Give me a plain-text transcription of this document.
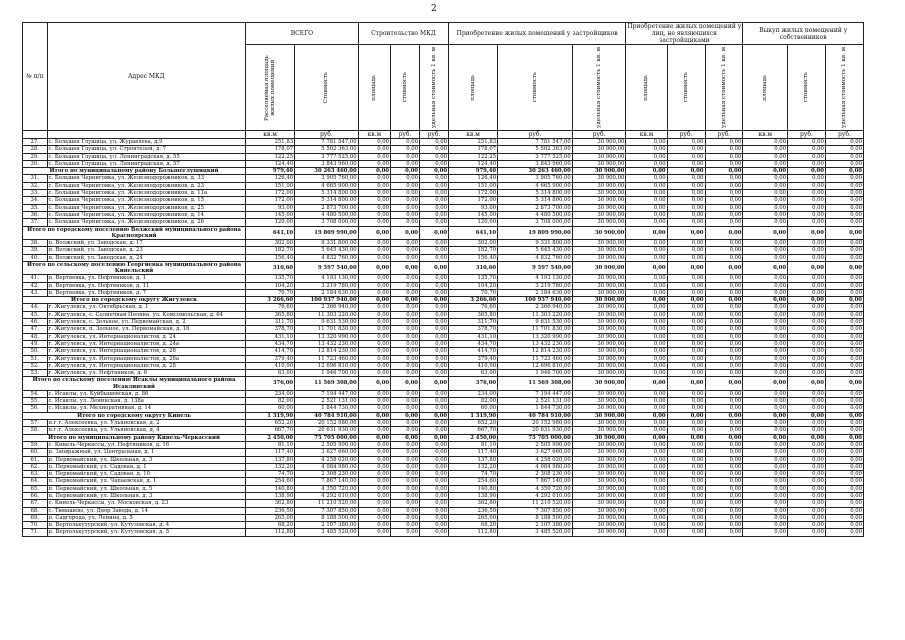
2
№ п/п	Адрес МКД	ВСЕГО		Строительство МКД			Приобретение жилых помещений у застройщиков			Приобретение жилых помещений у лиц, не являющихся застройщиками			Выкуп жилых помещений у собственников		

		Расселяемая площадь жилых помещений	Стоимость	площадь	стоимость	удельная стоимость 1 кв. м	площадь	стоимость	удельная стоимость 1 кв. м	площадь	стоимость	удельная стоимость 1 кв. м	площадь	стоимость	удельная стоимость 1 кв. м

		кв.м	руб.	кв.м	руб.	руб.	кв.м	руб.	руб.	кв.м	руб.	руб.	кв.м	руб.	руб.
27.	с. Большая Глушица, ул. Журавлева, д.9	251,83	7 781 547,00	0,00	0,00	0,00	251,83	7 781 547,00	30 900,00	0,00	0,00	0,00	0,00	0,00	0,00
28.	с. Большая Глушица, ул. Строителей, д. 7	178,07	5 502 363,00	0,00	0,00	0,00	178,07	5 502 363,00	30 900,00	0,00	0,00	0,00	0,00	0,00	0,00
29.	с. Большая Глушица, ул. Ленинградская, д. 55	122,25	3 777 525,00	0,00	0,00	0,00	122,25	3 777 525,00	30 900,00	0,00	0,00	0,00	0,00	0,00	0,00
30.	с. Большая Глушица, ул. Ленинградская, д. 57	124,40	3 843 960,00	0,00	0,00	0,00	124,40	3 843 960,00	30 900,00	0,00	0,00	0,00	0,00	0,00	0,00
Итого по муниципальному району Большеглушицкий		979,40	30 263 460,00	0,00	0,00	0,00	979,40	30 263 460,00	30 900,00	0,00	0,00	0,00	0,00	0,00	0,00
31.	с. Большая Черниговка, ул. Железнодорожников, д. 33	126,40	3 905 760,00	0,00	0,00	0,00	126,40	3 905 760,00	30 900,00	0,00	0,00	0,00	0,00	0,00	0,00
32.	с. Большая Черниговка, ул. Железнодорожников, д. 23	151,00	4 665 900,00	0,00	0,00	0,00	151,00	4 665 900,00	30 900,00	0,00	0,00	0,00	0,00	0,00	0,00
33.	с. Большая Черниговка, ул. Железнодорожников, д. 11а	172,00	5 314 800,00	0,00	0,00	0,00	172,00	5 314 800,00	30 900,00	0,00	0,00	0,00	0,00	0,00	0,00
34.	с. Большая Черниговка, ул. Железнодорожников, д. 15	172,00	5 314 800,00	0,00	0,00	0,00	172,00	5 314 800,00	30 900,00	0,00	0,00	0,00	0,00	0,00	0,00
35.	с. Большая Черниговка, ул. Железнодорожников, д. 25	93,00	2 873 700,00	0,00	0,00	0,00	93,00	2 873 700,00	30 900,00	0,00	0,00	0,00	0,00	0,00	0,00
36.	с. Большая Черниговка, ул. Железнодорожников, д. 14	145,00	4 480 500,00	0,00	0,00	0,00	145,00	4 480 500,00	30 900,00	0,00	0,00	0,00	0,00	0,00	0,00
37.	с. Большая Черниговка, ул. Железнодорожников, д. 26	120,00	3 708 000,00	0,00	0,00	0,00	120,00	3 708 000,00	30 900,00	0,00	0,00	0,00	0,00	0,00	0,00
Итого по городскому поселению Волжский муниципального района Красноярский		641,10	19 809 990,00	0,00	0,00	0,00	641,10	19 809 990,00	30 900,00	0,00	0,00	0,00	0,00	0,00	0,00
38.	п. Волжский, ул. Заводская, д. 17	302,00	9 331 800,00	0,00	0,00	0,00	302,00	9 331 800,00	30 900,00	0,00	0,00	0,00	0,00	0,00	0,00
39.	п. Волжский, ул. Заводская, д. 23	182,70	5 645 430,00	0,00	0,00	0,00	182,70	5 645 430,00	30 900,00	0,00	0,00	0,00	0,00	0,00	0,00
40.	п. Волжский, ул. Заводская, д. 24	156,40	4 832 760,00	0,00	0,00	0,00	156,40	4 832 760,00	30 900,00	0,00	0,00	0,00	0,00	0,00	0,00
Итого по сельскому поселению Георгиевка муниципального района Кинельский		310,60	9 597 540,00	0,00	0,00	0,00	310,60	9 597 540,00	30 900,00	0,00	0,00	0,00	0,00	0,00	0,00
41.	п. Вертяевка, ул. Нефтяников, д. 1	135,70	4 193 130,00	0,00	0,00	0,00	135,70	4 193 130,00	30 900,00	0,00	0,00	0,00	0,00	0,00	0,00
42.	п. Вертяевка, ул. Нефтяников, д. 11	104,20	3 219 780,00	0,00	0,00	0,00	104,20	3 219 780,00	30 900,00	0,00	0,00	0,00	0,00	0,00	0,00
43.	п. Вертяевка, ул. Нефтяников, д. 7	70,70	2 184 630,00	0,00	0,00	0,00	70,70	2 184 630,00	30 900,00	0,00	0,00	0,00	0,00	0,00	0,00
Итого по городскому округу Жигулевск		3 266,60	100 937 940,00	0,00	0,00	0,00	3 266,60	100 937 940,00	30 900,00	0,00	0,00	0,00	0,00	0,00	0,00
44.	г. Жигулевск, ул. Октябрьская, д. 1	76,60	2 366 940,00	0,00	0,00	0,00	76,60	2 366 940,00	30 900,00	0,00	0,00	0,00	0,00	0,00	0,00
45.	г. Жигулевск, с. Солнечная Поляна, ул. Комсомольская, д. 64	365,80	11 303 220,00	0,00	0,00	0,00	365,80	11 303 220,00	30 900,00	0,00	0,00	0,00	0,00	0,00	0,00
46.	г. Жигулевск, с. Зольное, ул. Первомайская, д. 2	311,70	9 631 530,00	0,00	0,00	0,00	311,70	9 631 530,00	30 900,00	0,00	0,00	0,00	0,00	0,00	0,00
47.	г. Жигулевск, п. Зольное, ул. Первомайская, д. 16	378,70	11 701 830,00	0,00	0,00	0,00	378,70	11 701 830,00	30 900,00	0,00	0,00	0,00	0,00	0,00	0,00
48.	г. Жигулевск, ул. Интернационалистов, д. 24	431,10	13 320 990,00	0,00	0,00	0,00	431,10	13 320 990,00	30 900,00	0,00	0,00	0,00	0,00	0,00	0,00
49.	г. Жигулевск, ул. Интернационалистов, д. 24а	434,70	13 432 230,00	0,00	0,00	0,00	434,70	13 432 230,00	30 900,00	0,00	0,00	0,00	0,00	0,00	0,00
50.	г. Жигулевск, ул. Интернационалистов, д. 26	414,70	12 814 230,00	0,00	0,00	0,00	414,70	12 814 230,00	30 900,00	0,00	0,00	0,00	0,00	0,00	0,00
51.	г. Жигулевск, ул. Интернационалистов, д. 26а	379,40	11 723 460,00	0,00	0,00	0,00	379,40	11 723 460,00	30 900,00	0,00	0,00	0,00	0,00	0,00	0,00
52.	г. Жигулевск, ул. Интернационалистов, д. 28	410,90	12 696 810,00	0,00	0,00	0,00	410,90	12 696 810,00	30 900,00	0,00	0,00	0,00	0,00	0,00	0,00
53.	г. Жигулевск, ул. Нефтяников, д. 6	63,00	1 946 700,00	0,00	0,00	0,00	63,00	1 946 700,00	30 900,00	0,00	0,00	0,00	0,00	0,00	0,00
Итого по сельскому поселению Исаклы муниципального района Исаклинский		376,00	11 569 308,00	0,00	0,00	0,00	376,00	11 569 308,00	30 900,00	0,00	0,00	0,00	0,00	0,00	0,00
54.	с. Исаклы, ул. Куйбышевская, д. 86	234,00	7 194 447,00	0,00	0,00	0,00	234,00	7 194 447,00	30 900,00	0,00	0,00	0,00	0,00	0,00	0,00
55.	с. Исаклы, ул. Ленинская, д. 138а	82,00	2 521 131,00	0,00	0,00	0,00	82,00	2 521 131,00	30 900,00	0,00	0,00	0,00	0,00	0,00	0,00
56.	с. Исаклы, ул. Мелиоративная, д. 14	60,00	1 844 730,00	0,00	0,00	0,00	60,00	1 844 730,00	30 900,00	0,00	0,00	0,00	0,00	0,00	0,00
Итого по городскому округу Кинель		1 319,90	40 784 910,00	0,00	0,00	0,00	1 319,90	40 784 910,00	30 900,00	0,00	0,00	0,00	0,00	0,00	0,00
57.	п.г.т. Алексеевка, ул. Ульяновская, д. 2	652,20	20 152 980,00	0,00	0,00	0,00	652,20	20 152 980,00	30 900,00	0,00	0,00	0,00	0,00	0,00	0,00
58.	п.г.т. Алексеевка, ул. Ульяновская, д. 4	667,70	20 631 930,00	0,00	0,00	0,00	667,70	20 631 930,00	30 900,00	0,00	0,00	0,00	0,00	0,00	0,00
Итого по муниципальному району Кинель-Черкасский		2 450,00	75 705 000,00	0,00	0,00	0,00	2 450,00	75 705 000,00	30 900,00	0,00	0,00	0,00	0,00	0,00	0,00
59.	с. Кинель-Черкассы, ул. Нефтяников, д. 16	81,10	2 505 990,00	0,00	0,00	0,00	81,10	2 505 990,00	30 900,00	0,00	0,00	0,00	0,00	0,00	0,00
60.	п. Заовражный, ул. Центральная, д. 1	117,40	3 627 660,00	0,00	0,00	0,00	117,40	3 627 660,00	30 900,00	0,00	0,00	0,00	0,00	0,00	0,00
61.	п. Первомайский, ул. Школьная, д. 3	137,80	4 258 020,00	0,00	0,00	0,00	137,80	4 258 020,00	30 900,00	0,00	0,00	0,00	0,00	0,00	0,00
62.	п. Первомайский, ул. Садовая, д. 1	132,20	4 084 980,00	0,00	0,00	0,00	132,20	4 084 980,00	30 900,00	0,00	0,00	0,00	0,00	0,00	0,00
63.	п. Первомайский, ул. Садовая, д. 10	74,70	2 308 230,00	0,00	0,00	0,00	74,70	2 308 230,00	30 900,00	0,00	0,00	0,00	0,00	0,00	0,00
64.	п. Первомайский, ул. Чапаевская, д. 1	254,60	7 867 140,00	0,00	0,00	0,00	254,60	7 867 140,00	30 900,00	0,00	0,00	0,00	0,00	0,00	0,00
65.	п. Первомайский, ул. Школьная, д. 5	140,80	4 350 720,00	0,00	0,00	0,00	140,80	4 350 720,00	30 900,00	0,00	0,00	0,00	0,00	0,00	0,00
66.	п. Первомайский, ул. Школьная, д. 3	138,90	4 292 010,00	0,00	0,00	0,00	138,90	4 292 010,00	30 900,00	0,00	0,00	0,00	0,00	0,00	0,00
67.	с. Кинель-Черкассы, ул. Московская, д. 23	362,80	11 210 520,00	0,00	0,00	0,00	362,80	11 210 520,00	30 900,00	0,00	0,00	0,00	0,00	0,00	0,00
68.	с. Тимашево, ул. Двор Завода, д. 14	236,50	7 307 850,00	0,00	0,00	0,00	236,50	7 307 850,00	30 900,00	0,00	0,00	0,00	0,00	0,00	0,00
69.	п. Садгорода, ул. Ленина, д. 5	265,00	8 188 500,00	0,00	0,00	0,00	265,00	8 188 500,00	30 900,00	0,00	0,00	0,00	0,00	0,00	0,00
70.	п. Вертолькутурский, ул. Кутузовская, д. 4	68,20	2 107 380,00	0,00	0,00	0,00	68,20	2 107 380,00	30 900,00	0,00	0,00	0,00	0,00	0,00	0,00
71.	п. Вертолькутурский, ул. Кутузовская, д. 5	112,80	3 485 520,00	0,00	0,00	0,00	112,80	3 485 520,00	30 900,00	0,00	0,00	0,00	0,00	0,00	0,00
